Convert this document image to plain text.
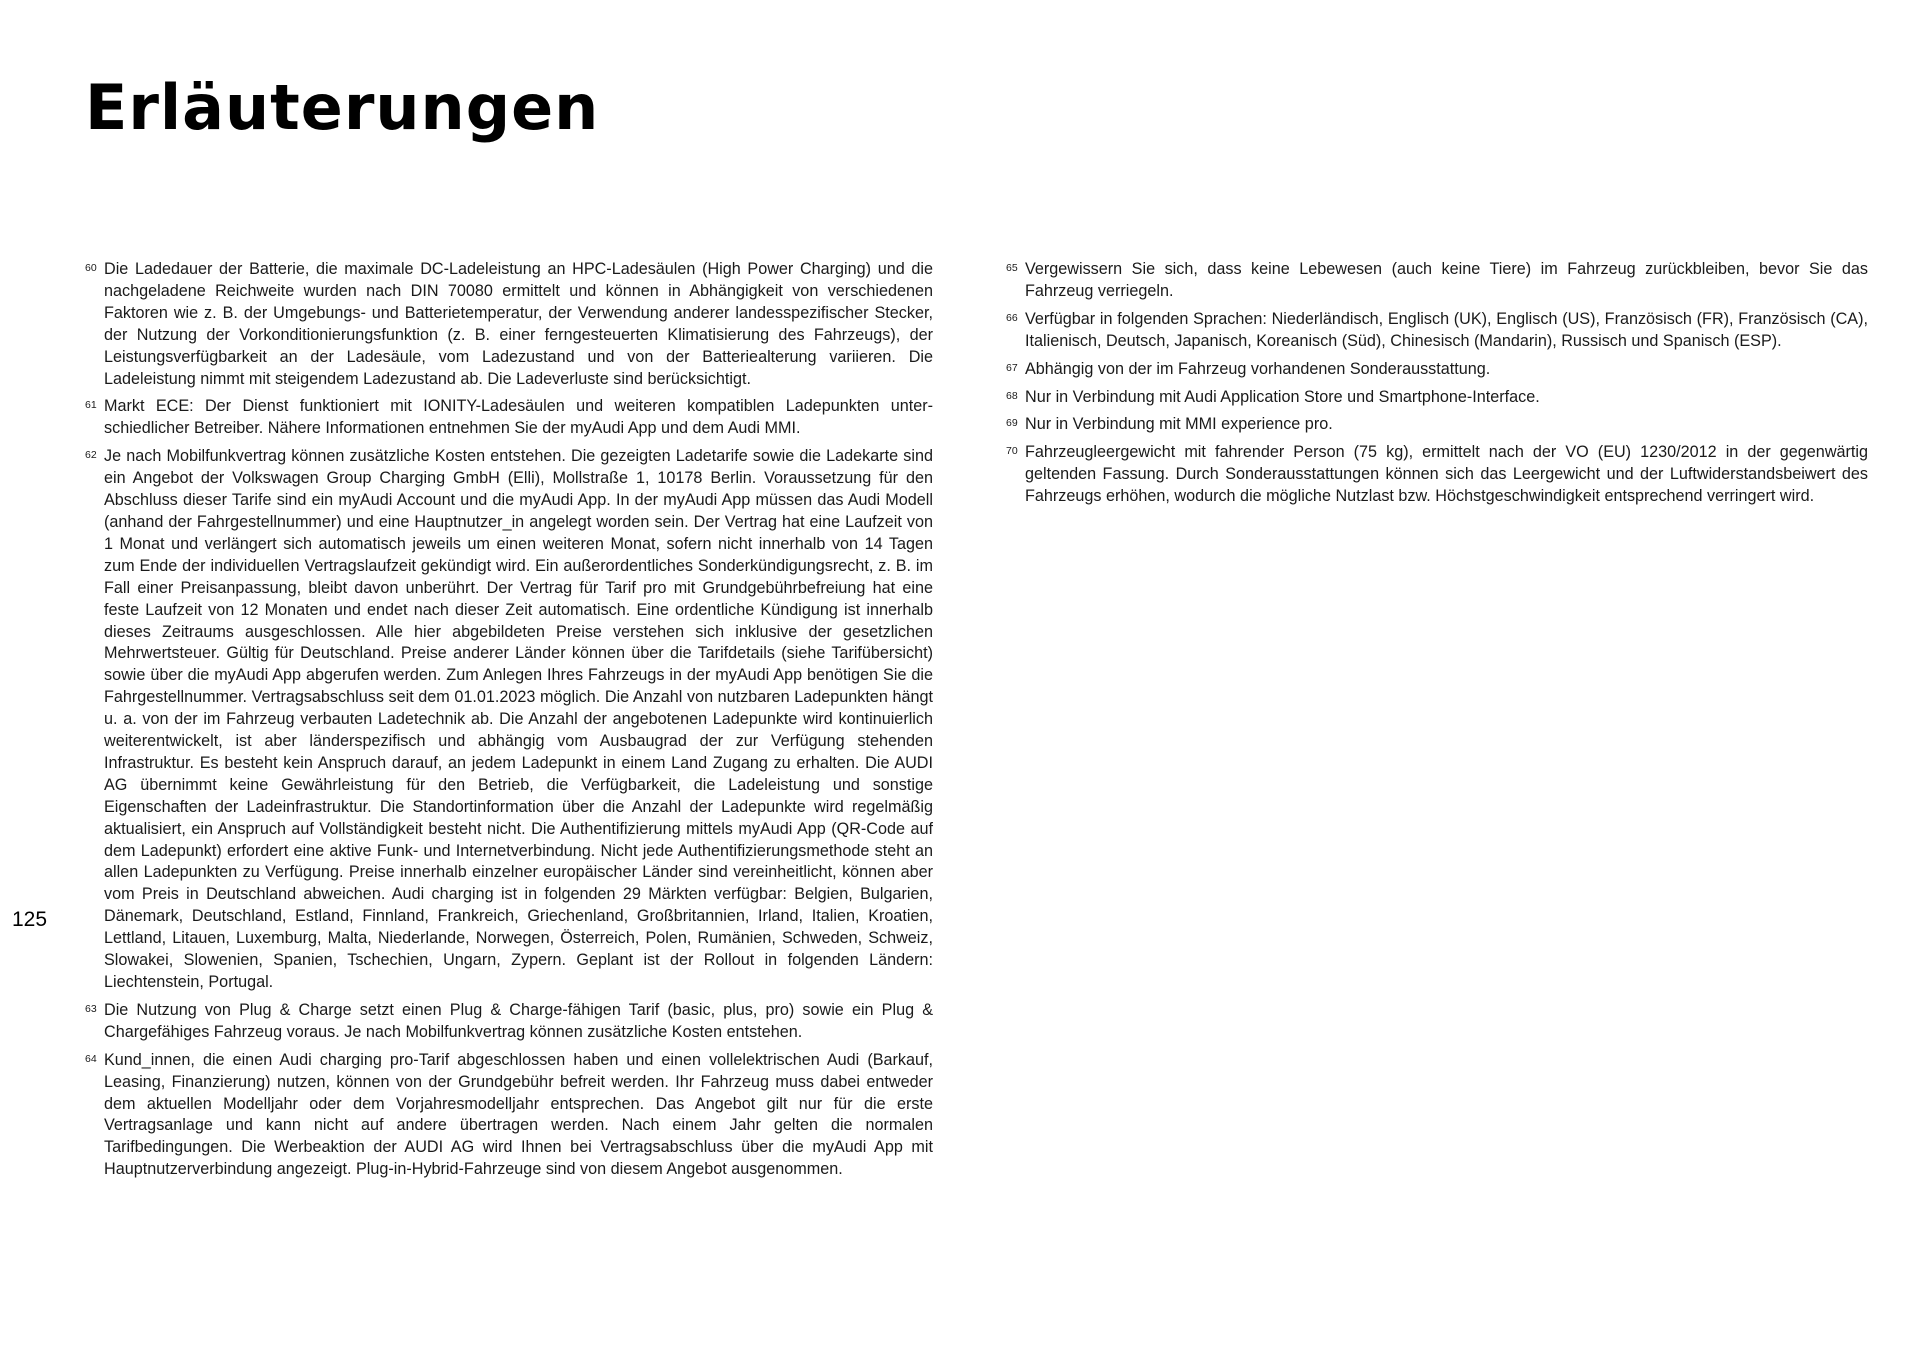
Erläuterungen
125
60 Die Ladedauer der Batterie, die maximale DC-Ladeleistung an HPC-Ladesäulen (High Power Charging) und die nachgeladene Reichweite wurden nach DIN 70080 ermittelt und können in Abhängigkeit von verschiedenen Faktoren wie z. B. der Umgebungs- und Batterietemperatur, der Verwendung anderer landesspezifischer Stecker, der Nutzung der Vorkonditionierungsfunktion (z. B. einer ferngesteuerten Klimatisierung des Fahrzeugs), der Leistungsverfügbarkeit an der Ladesäule, vom Ladezustand und von der Batteriealterung variieren. Die Ladeleistung nimmt mit steigendem Ladezustand ab. Die Ladeverluste sind berücksichtigt.
61 Markt ECE: Der Dienst funktioniert mit IONITY-Ladesäulen und weiteren kompatiblen Ladepunkten unterschiedlicher Betreiber. Nähere Informationen entnehmen Sie der myAudi App und dem Audi MMI.
62 Je nach Mobilfunkvertrag können zusätzliche Kosten entstehen. Die gezeigten Ladetarife sowie die Ladekarte sind ein Angebot der Volkswagen Group Charging GmbH (Elli), Mollstraße 1, 10178 Berlin. Voraussetzung für den Abschluss dieser Tarife sind ein myAudi Account und die myAudi App. In der myAudi App müssen das Audi Modell (anhand der Fahrgestellnummer) und eine Hauptnutzer_in angelegt worden sein. Der Vertrag hat eine Laufzeit von 1 Monat und verlängert sich automatisch jeweils um einen weiteren Monat, sofern nicht innerhalb von 14 Tagen zum Ende der individuellen Vertragslaufzeit gekündigt wird. Ein außerordentliches Sonderkündigungsrecht, z. B. im Fall einer Preisanpassung, bleibt davon unberührt. Der Vertrag für Tarif pro mit Grundgebührbefreiung hat eine feste Laufzeit von 12 Monaten und endet nach dieser Zeit automatisch. Eine ordentliche Kündigung ist innerhalb dieses Zeitraums ausgeschlossen. Alle hier abgebildeten Preise verstehen sich inklusive der gesetzlichen Mehrwertsteuer. Gültig für Deutschland. Preise anderer Länder können über die Tarifdetails (siehe Tarifübersicht) sowie über die myAudi App abgerufen werden. Zum Anlegen Ihres Fahrzeugs in der myAudi App benötigen Sie die Fahrgestellnummer. Vertragsabschluss seit dem 01.01.2023 möglich. Die Anzahl von nutzbaren Ladepunkten hängt u. a. von der im Fahrzeug verbauten Ladetechnik ab. Die Anzahl der angebotenen Ladepunkte wird kontinuierlich weiterentwickelt, ist aber länderspezifisch und abhängig vom Ausbaugrad der zur Verfügung stehenden Infrastruktur. Es besteht kein Anspruch darauf, an jedem Ladepunkt in einem Land Zugang zu erhalten. Die AUDI AG übernimmt keine Gewährleistung für den Betrieb, die Verfügbarkeit, die Ladeleistung und sonstige Eigenschaften der Ladeinfrastruktur. Die Standortinformation über die Anzahl der Ladepunkte wird regelmäßig aktualisiert, ein Anspruch auf Vollständigkeit besteht nicht. Die Authentifizierung mittels myAudi App (QR-Code auf dem Ladepunkt) erfordert eine aktive Funk- und Internetverbindung. Nicht jede Authentifizierungsmethode steht an allen Ladepunkten zu Verfügung. Preise innerhalb einzelner europäischer Länder sind vereinheitlicht, können aber vom Preis in Deutschland abweichen. Audi charging ist in folgenden 29 Märkten verfügbar: Belgien, Bulgarien, Dänemark, Deutschland, Estland, Finnland, Frankreich, Griechenland, Großbritannien, Irland, Italien, Kroatien, Lettland, Litauen, Luxemburg, Malta, Niederlande, Norwegen, Österreich, Polen, Rumänien, Schweden, Schweiz, Slowakei, Slowenien, Spanien, Tschechien, Ungarn, Zypern. Geplant ist der Rollout in folgenden Ländern: Liechtenstein, Portugal.
63 Die Nutzung von Plug & Charge setzt einen Plug & Charge-fähigen Tarif (basic, plus, pro) sowie ein Plug & Chargefähiges Fahrzeug voraus. Je nach Mobilfunkvertrag können zusätzliche Kosten entstehen.
64 Kund_innen, die einen Audi charging pro-Tarif abgeschlossen haben und einen vollelektrischen Audi (Barkauf, Leasing, Finanzierung) nutzen, können von der Grundgebühr befreit werden. Ihr Fahrzeug muss dabei entweder dem aktuellen Modelljahr oder dem Vorjahresmodelljahr entsprechen. Das Angebot gilt nur für die erste Vertragsanlage und kann nicht auf andere übertragen werden. Nach einem Jahr gelten die normalen Tarifbedingungen. Die Werbeaktion der AUDI AG wird Ihnen bei Vertragsabschluss über die myAudi App mit Hauptnutzerverbindung angezeigt. Plug-in-Hybrid-Fahrzeuge sind von diesem Angebot ausgenommen.
65 Vergewissern Sie sich, dass keine Lebewesen (auch keine Tiere) im Fahrzeug zurückbleiben, bevor Sie das Fahrzeug verriegeln.
66 Verfügbar in folgenden Sprachen: Niederländisch, Englisch (UK), Englisch (US), Französisch (FR), Französisch (CA), Italienisch, Deutsch, Japanisch, Koreanisch (Süd), Chinesisch (Mandarin), Russisch und Spanisch (ESP).
67 Abhängig von der im Fahrzeug vorhandenen Sonderausstattung.
68 Nur in Verbindung mit Audi Application Store und Smartphone-Interface.
69 Nur in Verbindung mit MMI experience pro.
70 Fahrzeugleergewicht mit fahrender Person (75 kg), ermittelt nach der VO (EU) 1230/2012 in der gegenwärtig geltenden Fassung. Durch Sonderausstattungen können sich das Leergewicht und der Luftwiderstandsbeiwert des Fahrzeugs erhöhen, wodurch die mögliche Nutzlast bzw. Höchstgeschwindigkeit entsprechend verringert wird.
